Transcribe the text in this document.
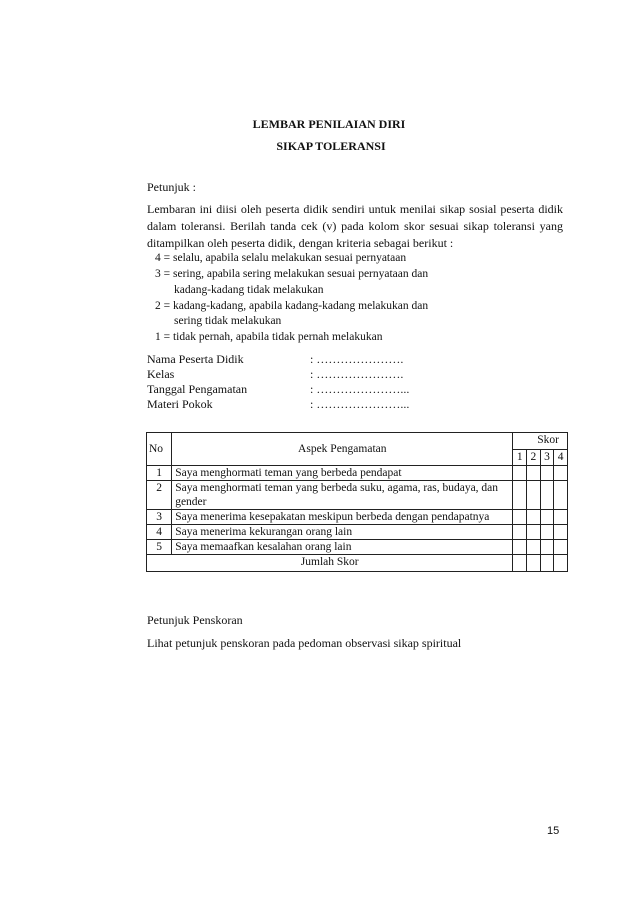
LEMBAR PENILAIAN DIRI
SIKAP TOLERANSI
Petunjuk :
Lembaran ini diisi oleh peserta didik sendiri untuk menilai sikap sosial peserta didik dalam toleransi. Berilah tanda cek (v) pada kolom skor sesuai sikap toleransi yang ditampilkan oleh peserta didik, dengan kriteria sebagai berikut :
4 = selalu, apabila selalu melakukan sesuai pernyataan
3 = sering, apabila sering melakukan sesuai pernyataan dan
kadang-kadang tidak melakukan
2 = kadang-kadang, apabila kadang-kadang melakukan dan
sering tidak melakukan
1 = tidak pernah, apabila tidak pernah melakukan
Nama Peserta Didik	: ………………….
Kelas	: ………………….
Tanggal Pengamatan	: …………………...
Materi Pokok	: …………………...
No	Aspek Pengamatan	Skor			
		1	2	3	4
1	Saya menghormati teman yang berbeda pendapat				
2	Saya menghormati teman yang berbeda suku, agama, ras, budaya, dan gender				
3	Saya menerima kesepakatan meskipun berbeda dengan pendapatnya				
4	Saya menerima kekurangan orang lain				
5	Saya memaafkan kesalahan orang lain				
Jumlah Skor					
Petunjuk Penskoran
Lihat petunjuk penskoran pada pedoman observasi sikap spiritual
15
